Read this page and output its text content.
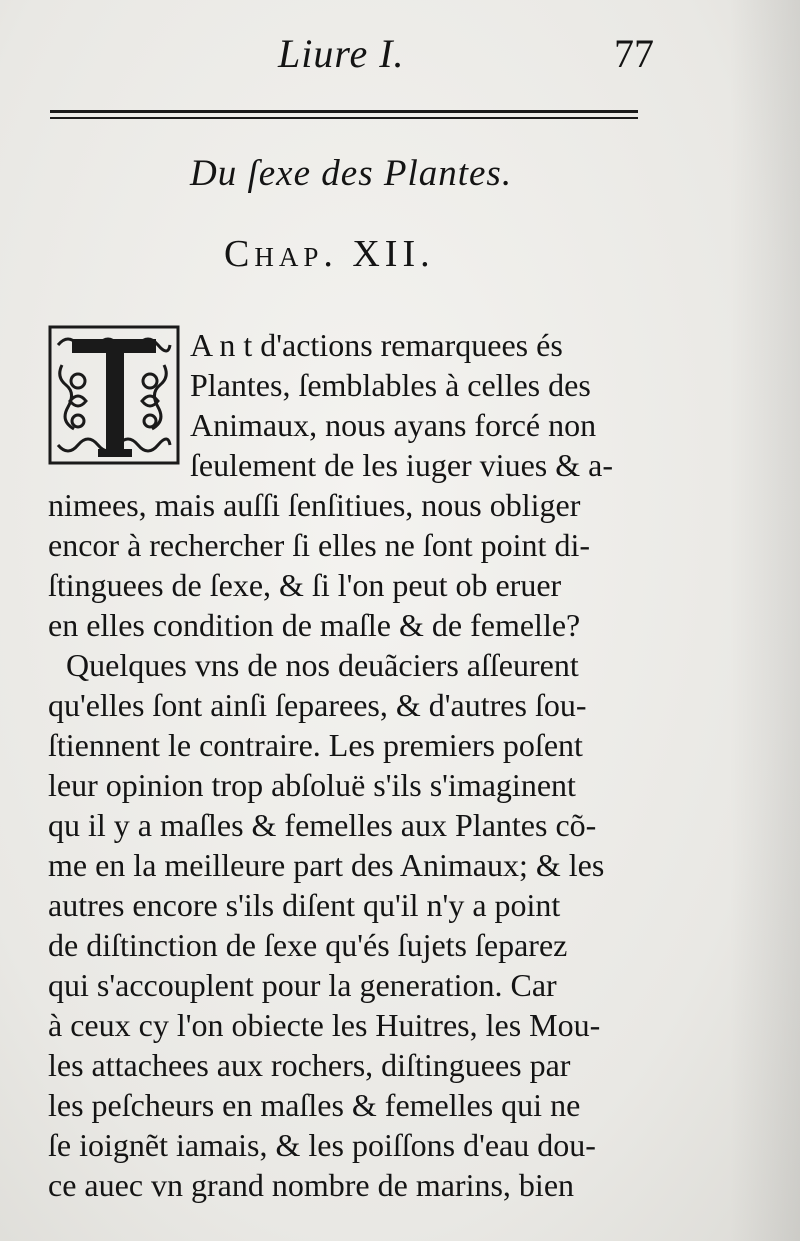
Liure I.	77
Du ſexe des Plantes.
Chap. XII.
A n t d'actions remarquees és
Plantes, ſemblables à celles des
Animaux, nous ayans forcé non
ſeulement de les iuger viues & a-
nimees, mais auſſi ſenſitiues, nous obliger
encor à rechercher ſi elles ne ſont point di-
ſtinguees de ſexe, & ſi l'on peut ob eruer
en elles condition de maſle & de femelle?
Quelques vns de nos deuãciers aſſeurent
qu'elles ſont ainſi ſeparees, & d'autres ſou-
ſtiennent le contraire. Les premiers poſent
leur opinion trop abſoluë s'ils s'imaginent
qu il y a maſles & femelles aux Plantes cõ-
me en la meilleure part des Animaux; & les
autres encore s'ils diſent qu'il n'y a point
de diſtinction de ſexe qu'és ſujets ſeparez
qui s'accouplent pour la generation. Car
à ceux cy l'on obiecte les Huitres, les Mou-
les attachees aux rochers, diſtinguees par
les peſcheurs en maſles & femelles qui ne
ſe ioignẽt iamais, & les poiſſons d'eau dou-
ce auec vn grand nombre de marins, bien
